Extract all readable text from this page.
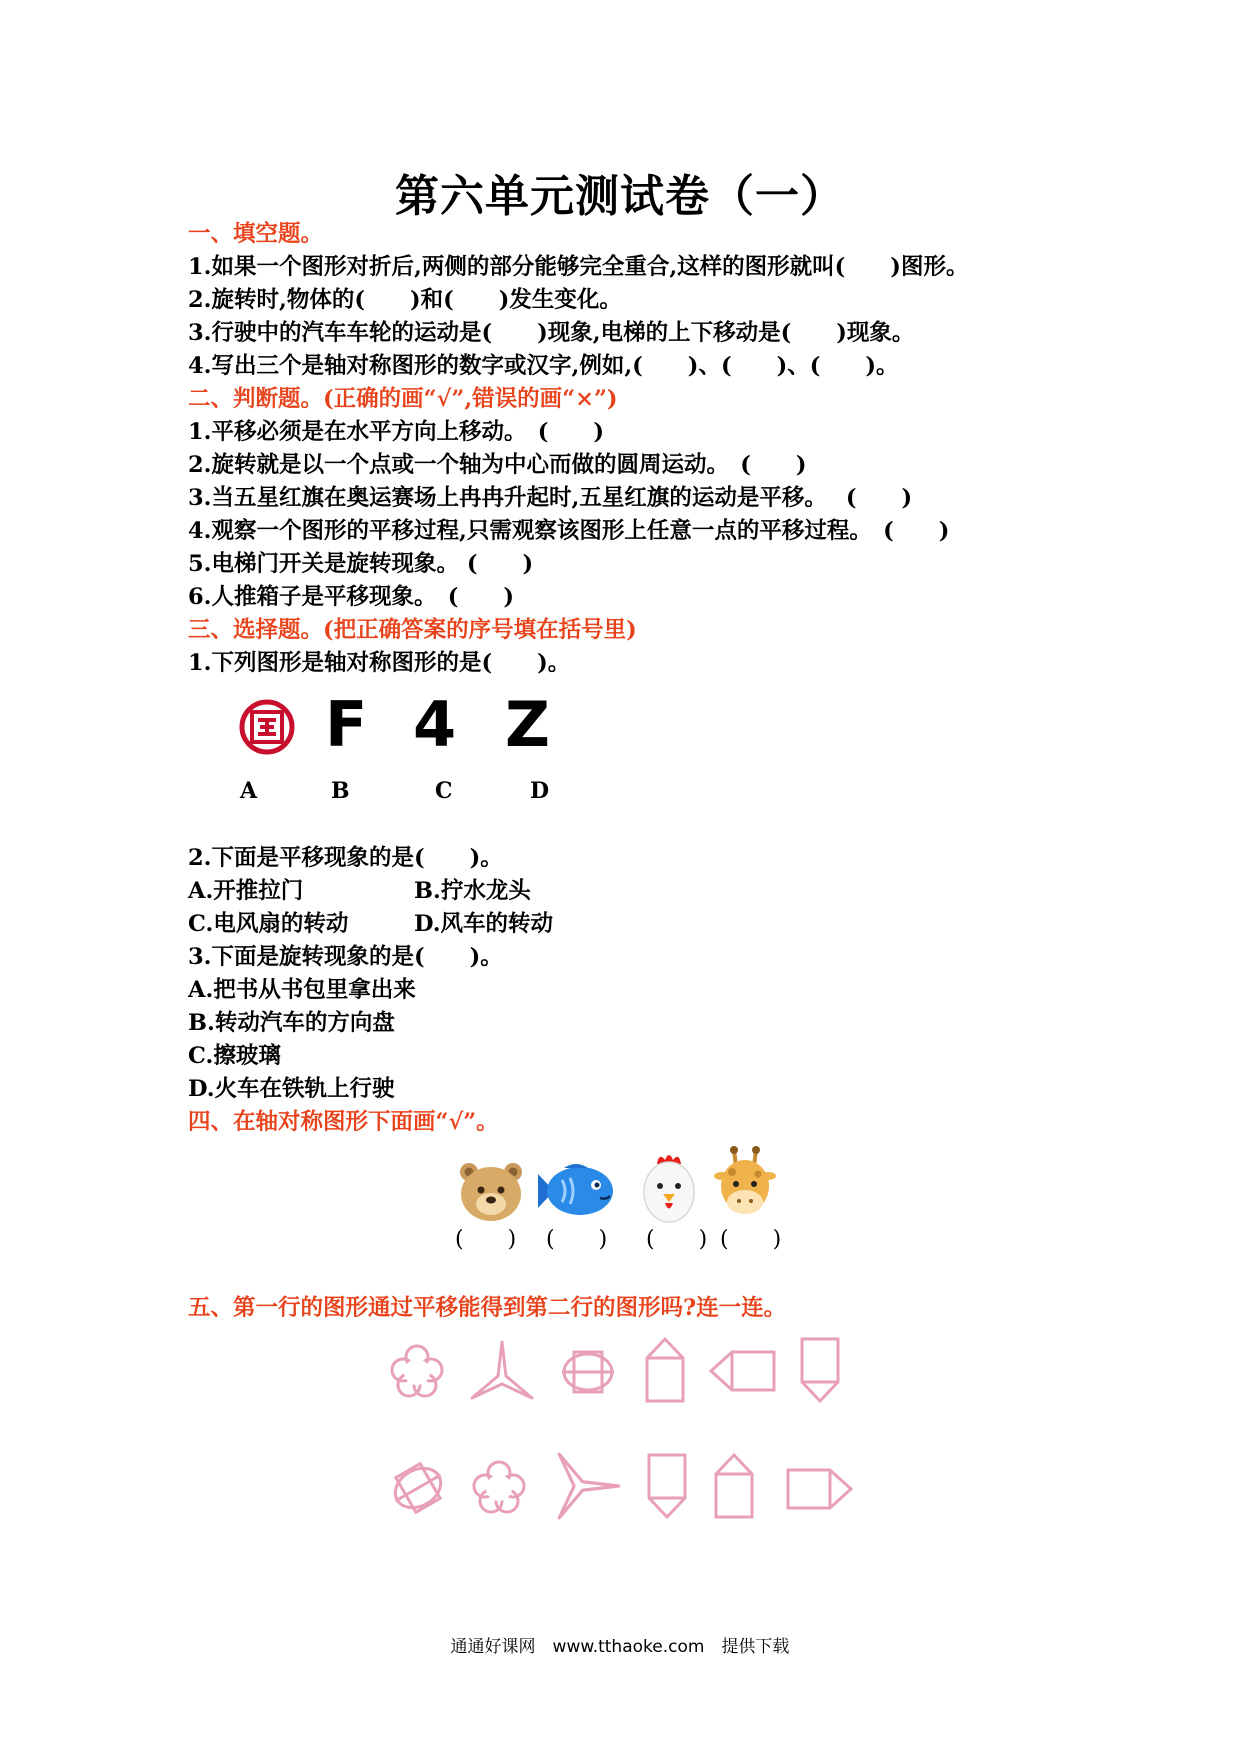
第六单元测试卷（一）
一、填空题。
1.如果一个图形对折后,两侧的部分能够完全重合,这样的图形就叫(　　)图形。
2.旋转时,物体的(　　)和(　　)发生变化。
3.行驶中的汽车车轮的运动是(　　)现象,电梯的上下移动是(　　)现象。
4.写出三个是轴对称图形的数字或汉字,例如,(　　)、(　　)、(　　)。
二、判断题。(正确的画“√”,错误的画“×”)
1.平移必须是在水平方向上移动。　(　　)
2.旋转就是以一个点或一个轴为中心而做的圆周运动。　(　　)
3.当五星红旗在奥运赛场上冉冉升起时,五星红旗的运动是平移。　 (　　)
4.观察一个图形的平移过程,只需观察该图形上任意一点的平移过程。　(　　)
5.电梯门开关是旋转现象。 (　　)
6.人推箱子是平移现象。　(　　)
三、选择题。(把正确答案的序号填在括号里)
1.下列图形是轴对称图形的是(　　)。
F 4 Z
A	B	C	D
2.下面是平移现象的是(　　)。
A.开推拉门	B.拧水龙头
C.电风扇的转动	D.风车的转动
3.下面是旋转现象的是(　　)。
A.把书从书包里拿出来
B.转动汽车的方向盘
C.擦玻璃
D.火车在铁轨上行驶
四、在轴对称图形下面画“√”。
(　　) (　　) (　　) (　　)
五、第一行的图形通过平移能得到第二行的图形吗?连一连。
通通好课网　www.tthaoke.com　提供下载
